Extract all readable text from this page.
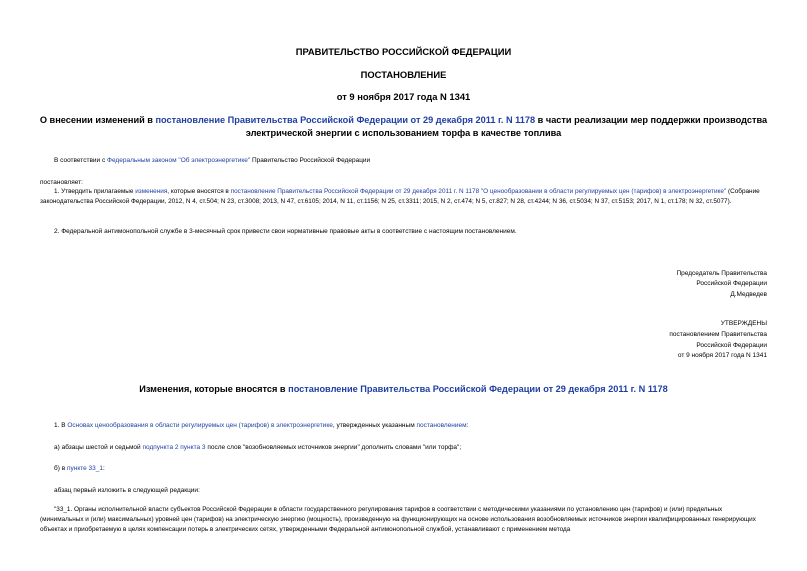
ПРАВИТЕЛЬСТВО РОССИЙСКОЙ ФЕДЕРАЦИИ
ПОСТАНОВЛЕНИЕ
от 9 ноября 2017 года N 1341
О внесении изменений в постановление Правительства Российской Федерации от 29 декабря 2011 г. N 1178 в части реализации мер поддержки производства
электрической энергии с использованием торфа в качестве топлива
В соответствии с Федеральным законом "Об электроэнергетике" Правительство Российской Федерации
постановляет:

1. Утвердить прилагаемые изменения, которые вносятся в постановление Правительства Российской Федерации от 29 декабря 2011 г. N 1178 "О ценообразовании в области регулируемых цен (тарифов) в электроэнергетике" (Собрание законодательства Российской Федерации, 2012, N 4, ст.504; N 23, ст.3008; 2013, N 47, ст.6105; 2014, N 11, ст.1156; N 25, ст.3311; 2015, N 2, ст.474; N 5, ст.827; N 28, ст.4244; N 36, ст.5034; N 37, ст.5153; 2017, N 1, ст.178; N 32, ст.5077).

2. Федеральной антимонопольной службе в 3-месячный срок привести свои нормативные правовые акты в соответствие с настоящим постановлением.
Председатель Правительства
Российской Федерации
Д.Медведев
УТВЕРЖДЕНЫ
постановлением Правительства
Российской Федерации
от 9 ноября 2017 года N 1341
Изменения, которые вносятся в постановление Правительства Российской Федерации от 29 декабря 2011 г. N 1178
1. В Основах ценообразования в области регулируемых цен (тарифов) в электроэнергетике, утвержденных указанным постановлением:
а) абзацы шестой и седьмой подпункта 2 пункта 3 после слов "возобновляемых источников энергии" дополнить словами "или торфа";
б) в пункте 33_1:
абзац первый изложить в следующей редакции:

"33_1. Органы исполнительной власти субъектов Российской Федерации в области государственного регулирования тарифов в соответствии с методическими указаниями по установлению цен (тарифов) и (или) предельных (минимальных и (или) максимальных) уровней цен (тарифов) на электрическую энергию (мощность), произведенную на функционирующих на основе использования возобновляемых источников энергии квалифицированных генерирующих объектах и приобретаемую в целях компенсации потерь в электрических сетях, утвержденными Федеральной антимонопольной службой, устанавливают с применением метода
